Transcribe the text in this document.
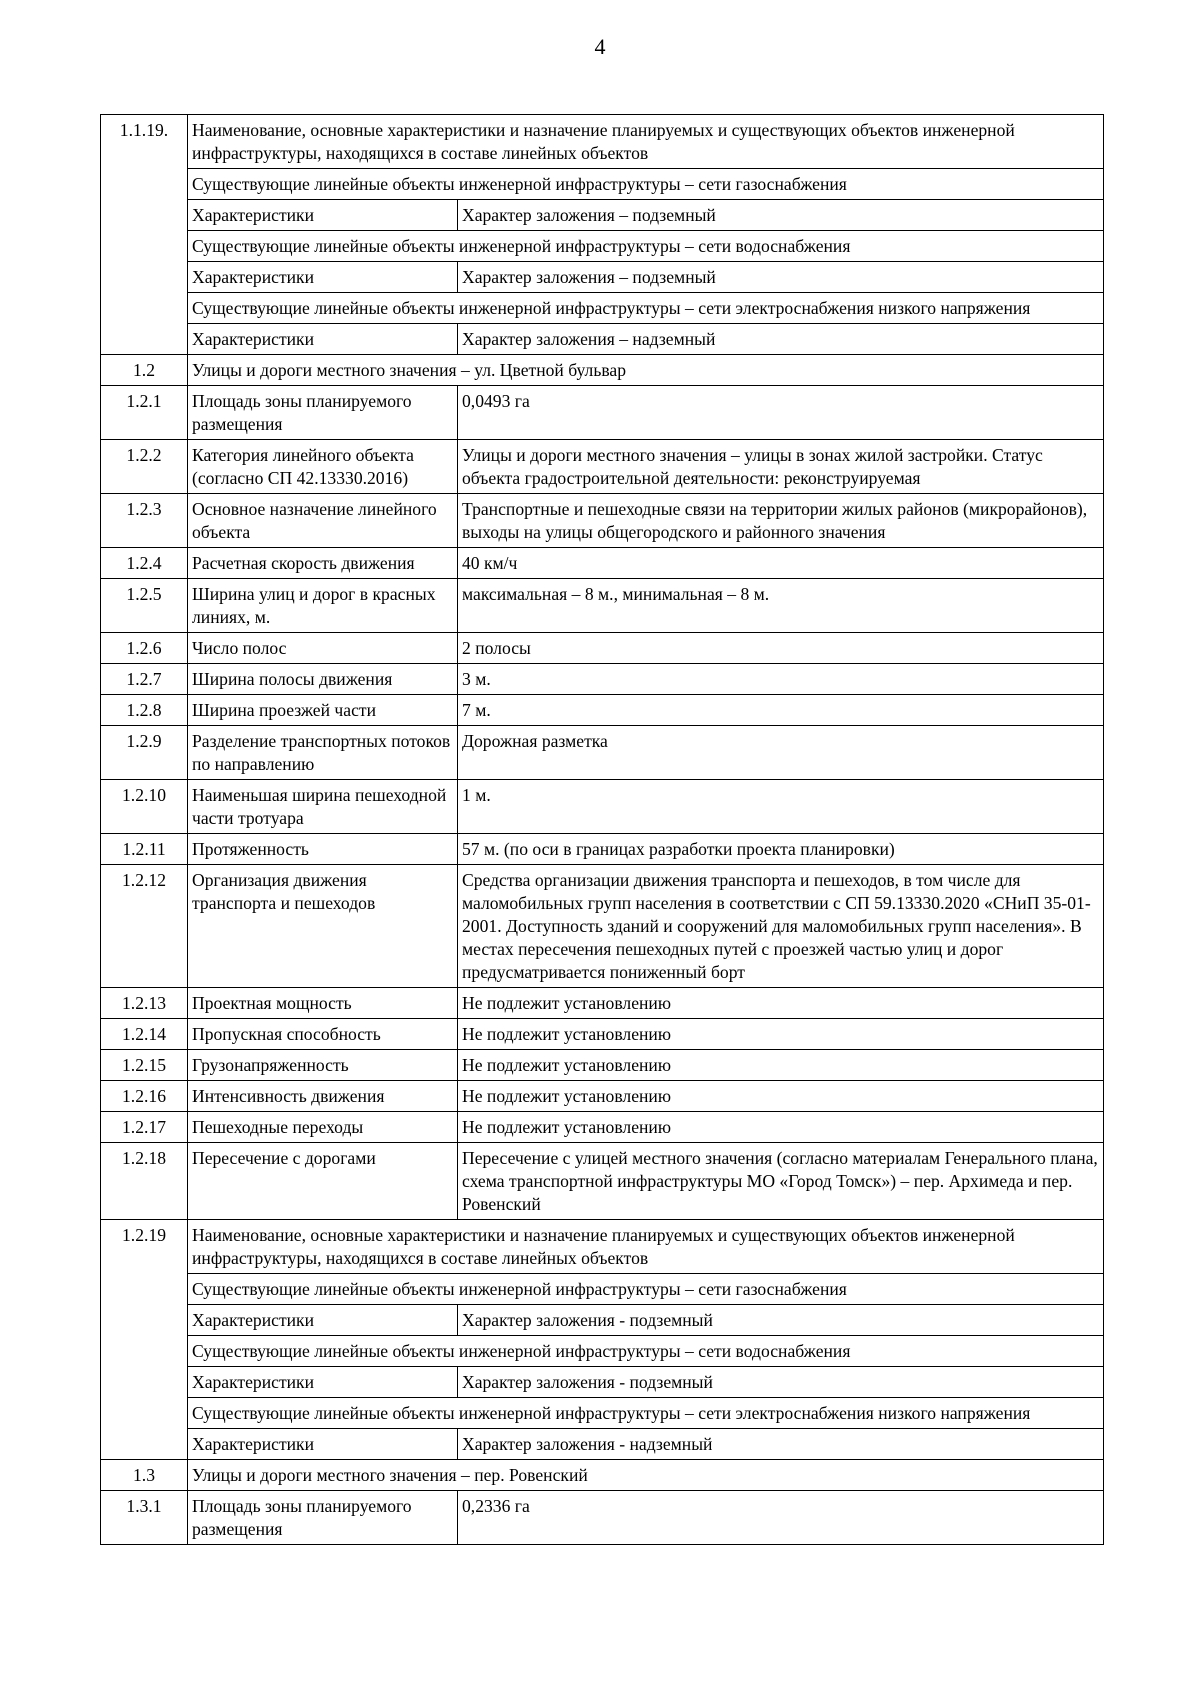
4
1.1.19.	Наименование, основные характеристики и назначение планируемых и существующих объектов инженерной инфраструктуры, находящихся в составе линейных объектов	
	Существующие линейные объекты инженерной инфраструктуры – сети газоснабжения	
	Характеристики	Характер заложения – подземный
	Существующие линейные объекты инженерной инфраструктуры – сети водоснабжения	
	Характеристики	Характер заложения – подземный
	Существующие линейные объекты инженерной инфраструктуры – сети электроснабжения низкого напряжения	
	Характеристики	Характер заложения – надземный
1.2	Улицы и дороги местного значения – ул. Цветной бульвар	
1.2.1	Площадь зоны планируемого размещения	0,0493 га
1.2.2	Категория линейного объекта (согласно СП 42.13330.2016)	Улицы и дороги местного значения – улицы в зонах жилой застройки. Статус объекта градостроительной деятельности: реконструируемая
1.2.3	Основное назначение линейного объекта	Транспортные и пешеходные связи на территории жилых районов (микрорайонов), выходы на улицы общегородского и районного значения
1.2.4	Расчетная скорость движения	40 км/ч
1.2.5	Ширина улиц и дорог в красных линиях, м.	максимальная – 8 м., минимальная – 8 м.
1.2.6	Число полос	2 полосы
1.2.7	Ширина полосы движения	3 м.
1.2.8	Ширина проезжей части	7 м.
1.2.9	Разделение транспортных потоков по направлению	Дорожная разметка
1.2.10	Наименьшая ширина пешеходной части тротуара	1 м.
1.2.11	Протяженность	57 м. (по оси в границах разработки проекта планировки)
1.2.12	Организация движения транспорта и пешеходов	Средства организации движения транспорта и пешеходов, в том числе для маломобильных групп населения в соответствии с СП 59.13330.2020 «СНиП 35-01-2001. Доступность зданий и сооружений для маломобильных групп населения». В местах пересечения пешеходных путей с проезжей частью улиц и дорог предусматривается пониженный борт
1.2.13	Проектная мощность	Не подлежит установлению
1.2.14	Пропускная способность	Не подлежит установлению
1.2.15	Грузонапряженность	Не подлежит установлению
1.2.16	Интенсивность движения	Не подлежит установлению
1.2.17	Пешеходные переходы	Не подлежит установлению
1.2.18	Пересечение с дорогами	Пересечение с улицей местного значения (согласно материалам Генерального плана, схема транспортной инфраструктуры МО «Город Томск») – пер. Архимеда и пер. Ровенский
1.2.19	Наименование, основные характеристики и назначение планируемых и существующих объектов инженерной инфраструктуры, находящихся в составе линейных объектов	
	Существующие линейные объекты инженерной инфраструктуры – сети газоснабжения	
	Характеристики	Характер заложения - подземный
	Существующие линейные объекты инженерной инфраструктуры – сети водоснабжения	
	Характеристики	Характер заложения - подземный
	Существующие линейные объекты инженерной инфраструктуры – сети электроснабжения низкого напряжения	
	Характеристики	Характер заложения - надземный
1.3	Улицы и дороги местного значения – пер. Ровенский	
1.3.1	Площадь зоны планируемого размещения	0,2336 га
